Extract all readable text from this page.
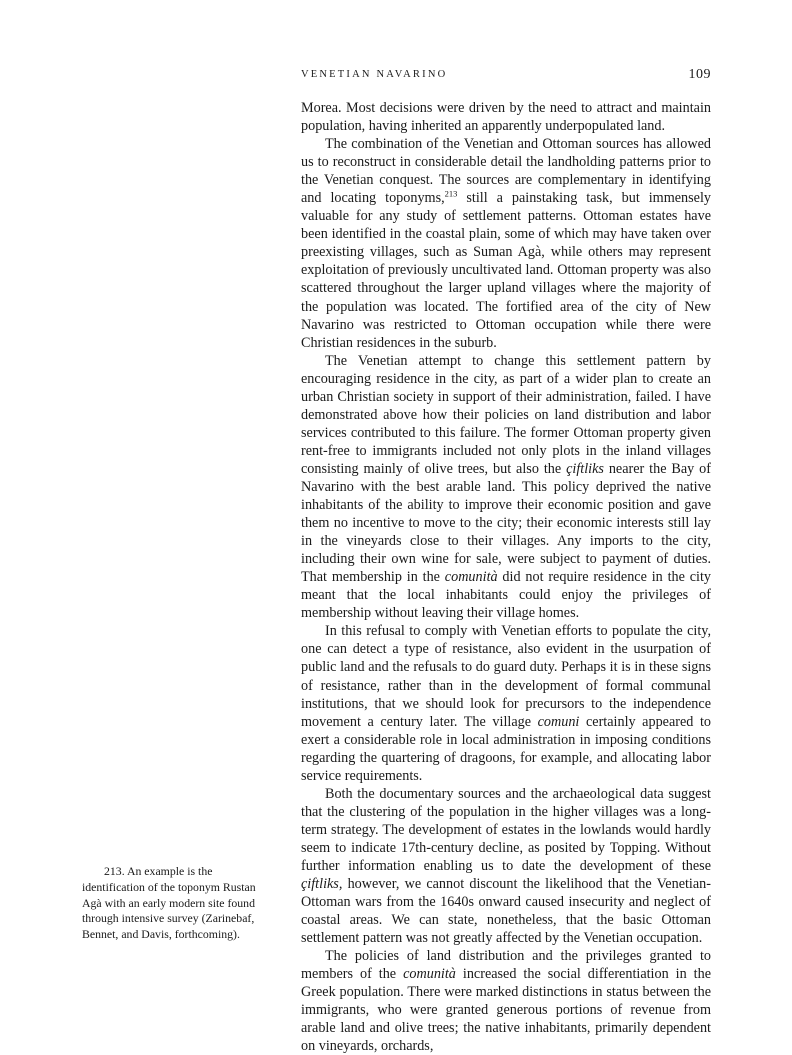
VENETIAN NAVARINO	109

Morea. Most decisions were driven by the need to attract and maintain population, having inherited an apparently underpopulated land.

The combination of the Venetian and Ottoman sources has allowed us to reconstruct in considerable detail the landholding patterns prior to the Venetian conquest. The sources are complementary in identifying and locating toponyms,$^{213}$ still a painstaking task, but immensely valuable for any study of settlement patterns. Ottoman estates have been identified in the coastal plain, some of which may have taken over preexisting villages, such as Suman Agà, while others may represent exploitation of previously uncultivated land. Ottoman property was also scattered throughout the larger upland villages where the majority of the population was located. The fortified area of the city of New Navarino was restricted to Ottoman occupation while there were Christian residences in the suburb.

The Venetian attempt to change this settlement pattern by encouraging residence in the city, as part of a wider plan to create an urban Christian society in support of their administration, failed. I have demonstrated above how their policies on land distribution and labor services contributed to this failure. The former Ottoman property given rent-free to immigrants included not only plots in the inland villages consisting mainly of olive trees, but also the çiftliks nearer the Bay of Navarino with the best arable land. This policy deprived the native inhabitants of the ability to improve their economic position and gave them no incentive to move to the city; their economic interests still lay in the vineyards close to their villages. Any imports to the city, including their own wine for sale, were subject to payment of duties. That membership in the comunità did not require residence in the city meant that the local inhabitants could enjoy the privileges of membership without leaving their village homes.

In this refusal to comply with Venetian efforts to populate the city, one can detect a type of resistance, also evident in the usurpation of public land and the refusals to do guard duty. Perhaps it is in these signs of resistance, rather than in the development of formal communal institutions, that we should look for precursors to the independence movement a century later. The village comuni certainly appeared to exert a considerable role in local administration in imposing conditions regarding the quartering of dragoons, for example, and allocating labor service requirements.

Both the documentary sources and the archaeological data suggest that the clustering of the population in the higher villages was a long-term strategy. The development of estates in the lowlands would hardly seem to indicate 17th-century decline, as posited by Topping. Without further information enabling us to date the development of these çiftliks, however, we cannot discount the likelihood that the Venetian-Ottoman wars from the 1640s onward caused insecurity and neglect of coastal areas. We can state, nonetheless, that the basic Ottoman settlement pattern was not greatly affected by the Venetian occupation.

The policies of land distribution and the privileges granted to members of the comunità increased the social differentiation in the Greek population. There were marked distinctions in status between the immigrants, who were granted generous portions of revenue from arable land and olive trees; the native inhabitants, primarily dependent on vineyards, orchards,

213. An example is the identification of the toponym Rustan Agà with an early modern site found through intensive survey (Zarinebaf, Bennet, and Davis, forthcoming).
